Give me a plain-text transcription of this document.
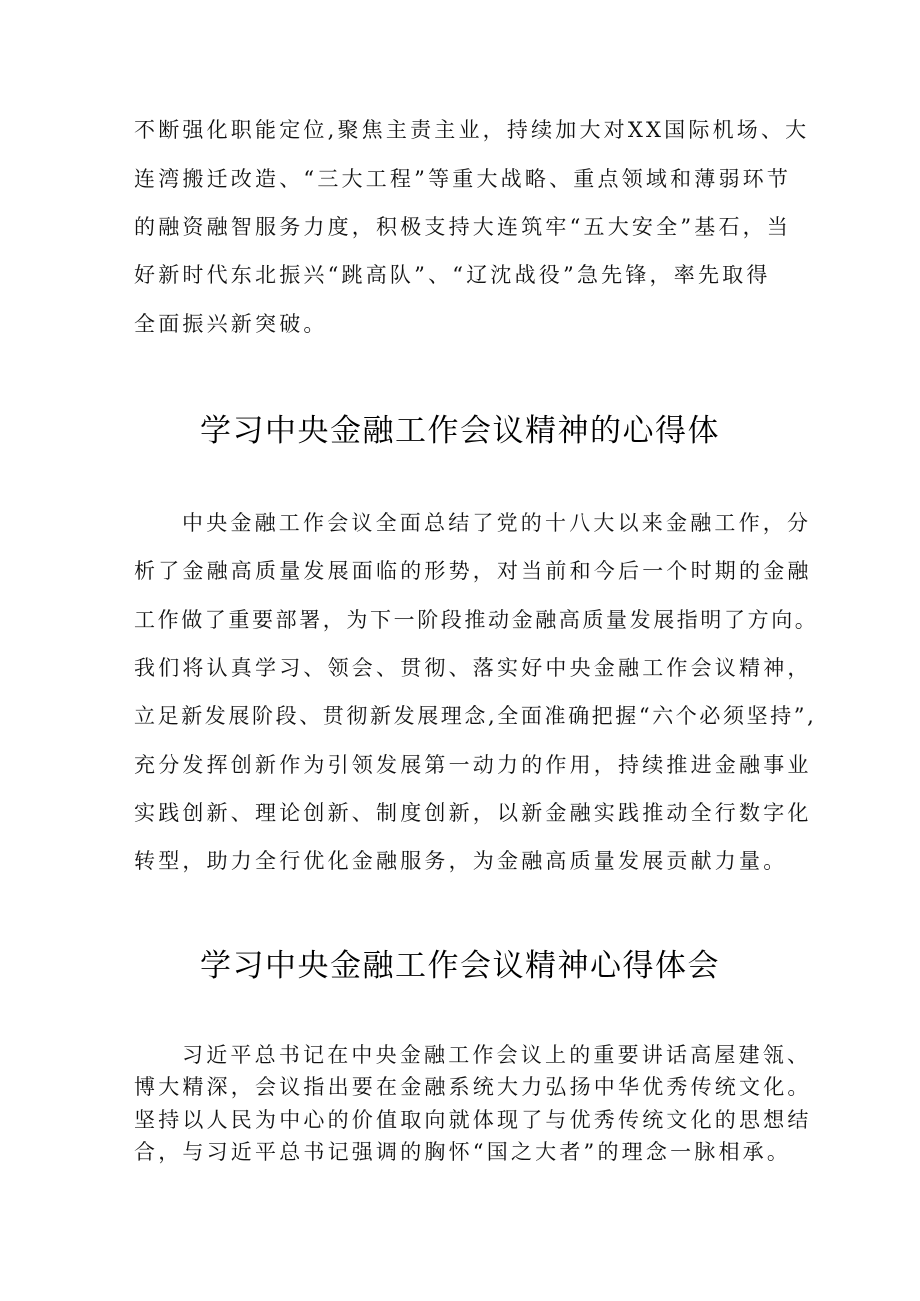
不断强化职能定位,聚焦主责主业，持续加大对XX国际机场、大
连湾搬迁改造、“三大工程”等重大战略、重点领域和薄弱环节
的融资融智服务力度，积极支持大连筑牢“五大安全”基石，当
好新时代东北振兴“跳高队”、“辽沈战役”急先锋，率先取得
全面振兴新突破。
学习中央金融工作会议精神的心得体
中央金融工作会议全面总结了党的十八大以来金融工作，分
析了金融高质量发展面临的形势，对当前和今后一个时期的金融
工作做了重要部署，为下一阶段推动金融高质量发展指明了方向。
我们将认真学习、领会、贯彻、落实好中央金融工作会议精神，
立足新发展阶段、贯彻新发展理念,全面准确把握“六个必须坚持”,
充分发挥创新作为引领发展第一动力的作用，持续推进金融事业
实践创新、理论创新、制度创新，以新金融实践推动全行数字化
转型，助力全行优化金融服务，为金融高质量发展贡献力量。
学习中央金融工作会议精神心得体会
习近平总书记在中央金融工作会议上的重要讲话高屋建瓴、
博大精深，会议指出要在金融系统大力弘扬中华优秀传统文化。
坚持以人民为中心的价值取向就体现了与优秀传统文化的思想结
合，与习近平总书记强调的胸怀“国之大者”的理念一脉相承。
